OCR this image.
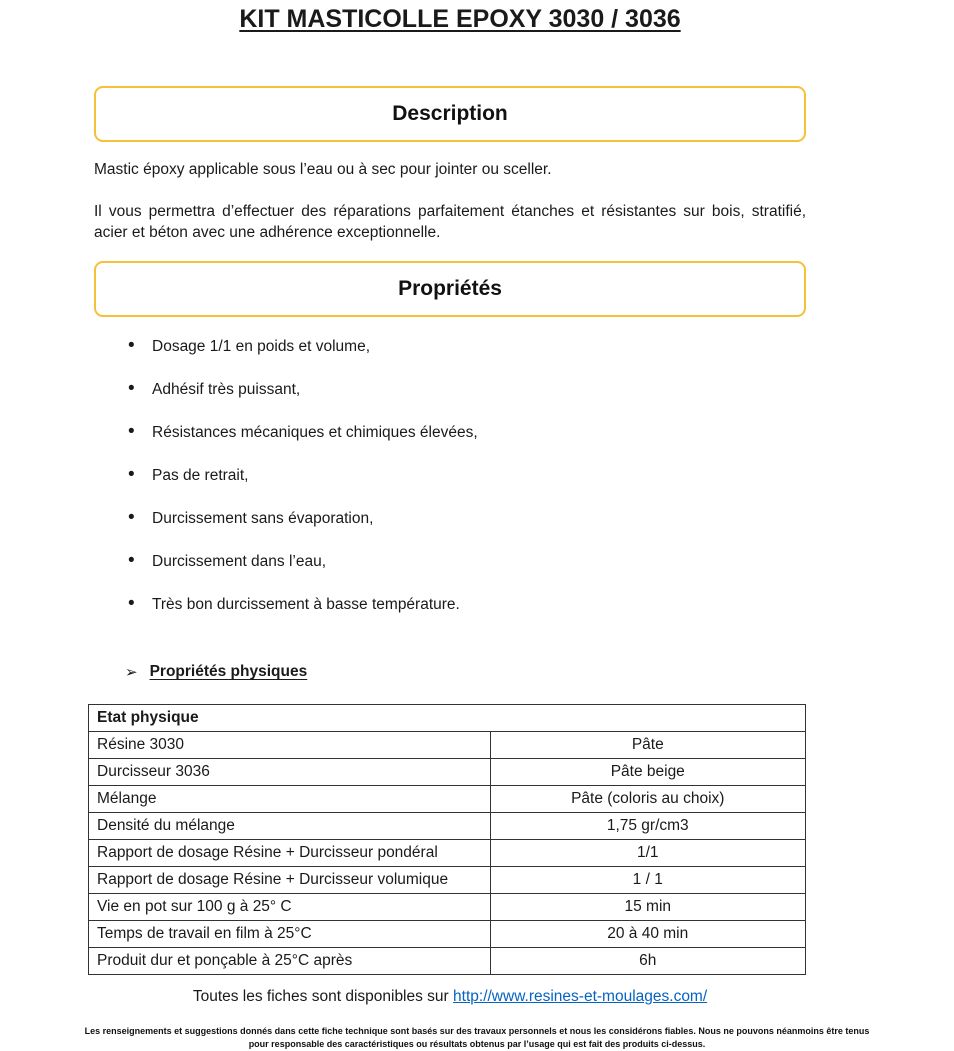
KIT MASTICOLLE EPOXY 3030 / 3036
Description

Mastic époxy applicable sous l’eau ou à sec pour jointer ou sceller.

Il vous permettra d’effectuer des réparations parfaitement étanches et résistantes sur bois, stratifié, acier et béton avec une adhérence exceptionnelle.

Propriétés
• Dosage 1/1 en poids et volume,
• Adhésif très puissant,
• Résistances mécaniques et chimiques élevées,
• Pas de retrait,
• Durcissement sans évaporation,
• Durcissement dans l’eau,
• Très bon durcissement à basse température.
➢ Propriétés physiques
Etat physique	
Résine 3030	Pâte
Durcisseur 3036	Pâte beige
Mélange	Pâte (coloris au choix)
Densité du mélange	1,75 gr/cm3
Rapport de dosage Résine + Durcisseur pondéral	1/1
Rapport de dosage Résine + Durcisseur volumique	1 / 1
Vie en pot sur 100 g à 25° C	15 min
Temps de travail en film à 25°C	20 à 40 min
Produit dur et ponçable à 25°C après	6h
Toutes les fiches sont disponibles sur http://www.resines-et-moulages.com/
Les renseignements et suggestions donnés dans cette fiche technique sont basés sur des travaux personnels et nous les considérons fiables. Nous ne pouvons néanmoins être tenus
pour responsable des caractéristiques ou résultats obtenus par l’usage qui est fait des produits ci-dessus.
